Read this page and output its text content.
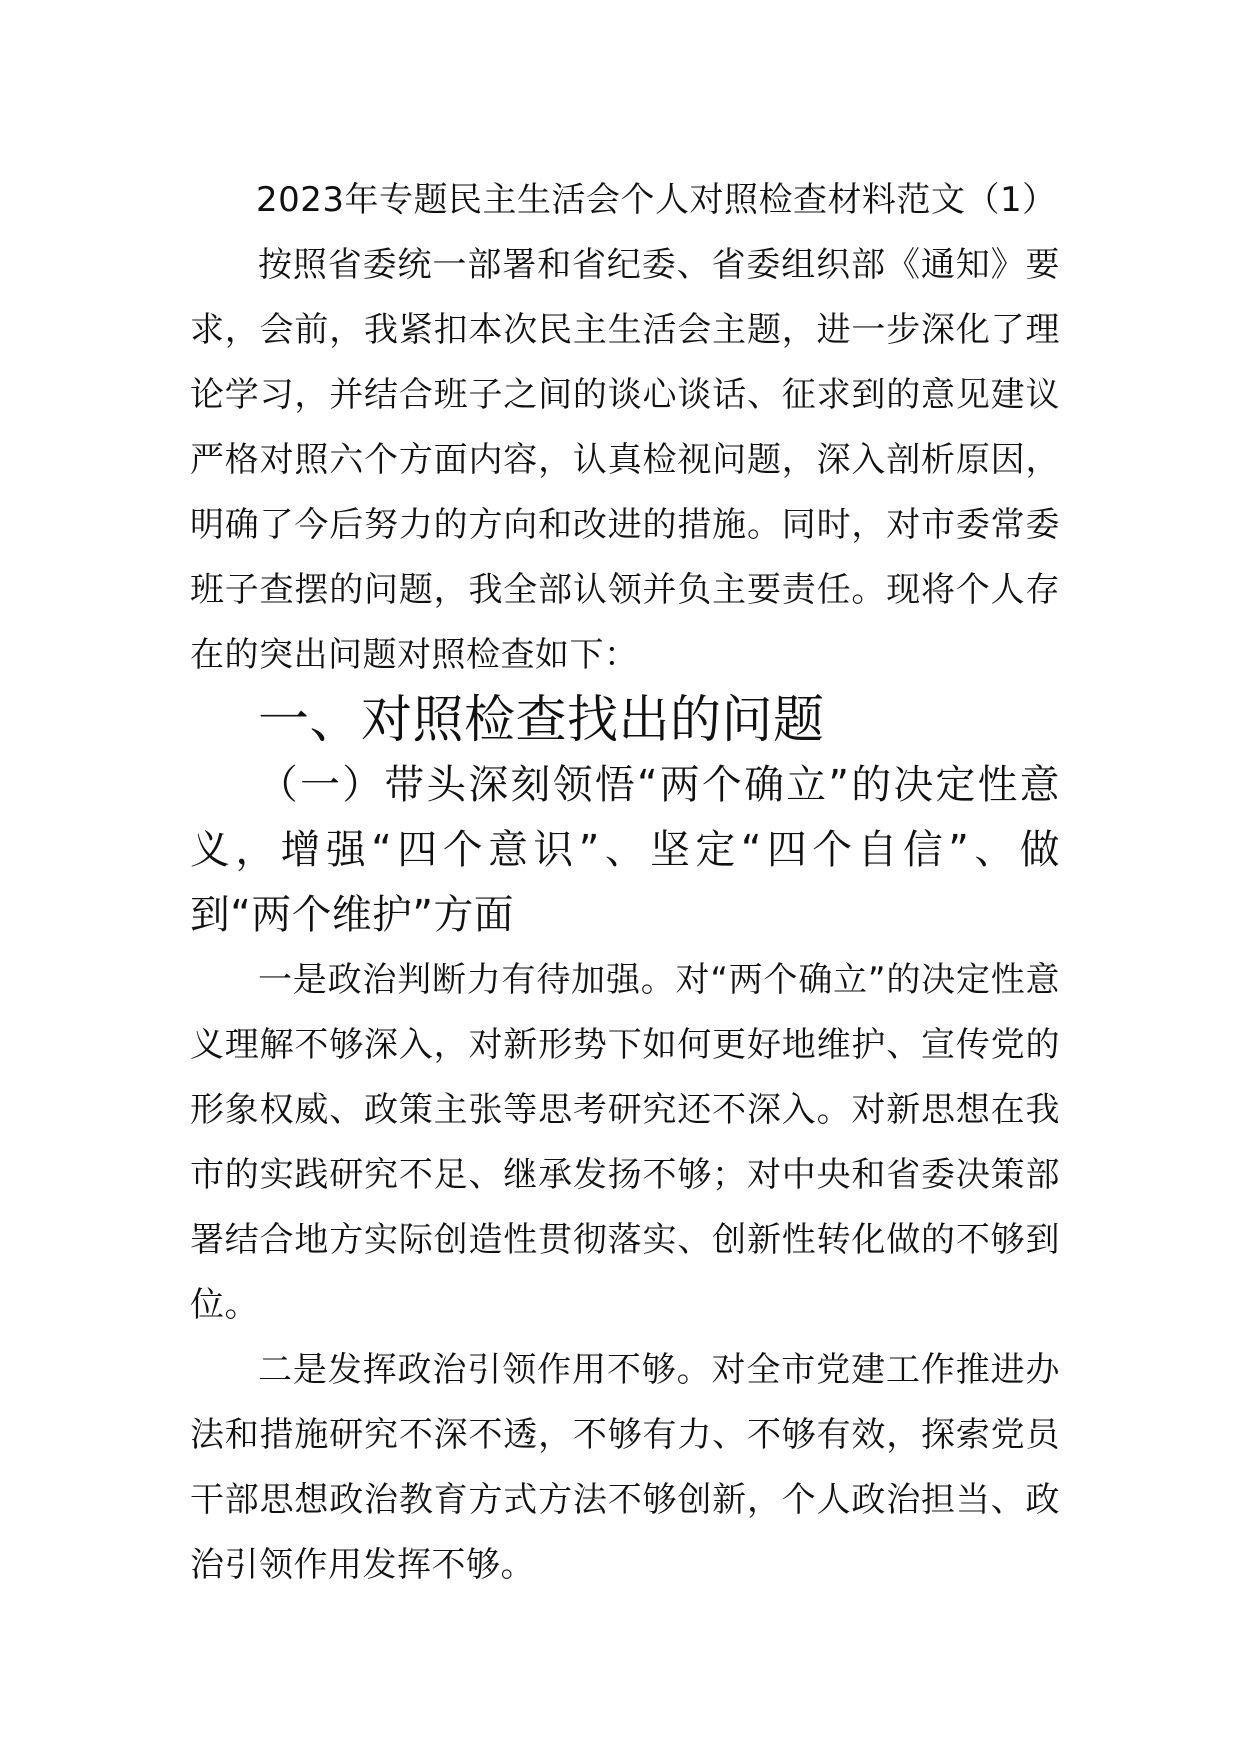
2023年专题民主生活会个人对照检查材料范文（1）

按照省委统一部署和省纪委、省委组织部《通知》要求，会前，我紧扣本次民主生活会主题，进一步深化了理论学习，并结合班子之间的谈心谈话、征求到的意见建议严格对照六个方面内容，认真检视问题，深入剖析原因，明确了今后努力的方向和改进的措施。同时，对市委常委班子查摆的问题，我全部认领并负主要责任。现将个人存在的突出问题对照检查如下：

一、对照检查找出的问题
（一）带头深刻领悟“两个确立”的决定性意义，增强“四个意识”、坚定“四个自信”、做到“两个维护”方面

一是政治判断力有待加强。对“两个确立”的决定性意义理解不够深入，对新形势下如何更好地维护、宣传党的形象权威、政策主张等思考研究还不深入。对新思想在我市的实践研究不足、继承发扬不够；对中央和省委决策部署结合地方实际创造性贯彻落实、创新性转化做的不够到位。

二是发挥政治引领作用不够。对全市党建工作推进办法和措施研究不深不透，不够有力、不够有效，探索党员干部思想政治教育方式方法不够创新，个人政治担当、政治引领作用发挥不够。
